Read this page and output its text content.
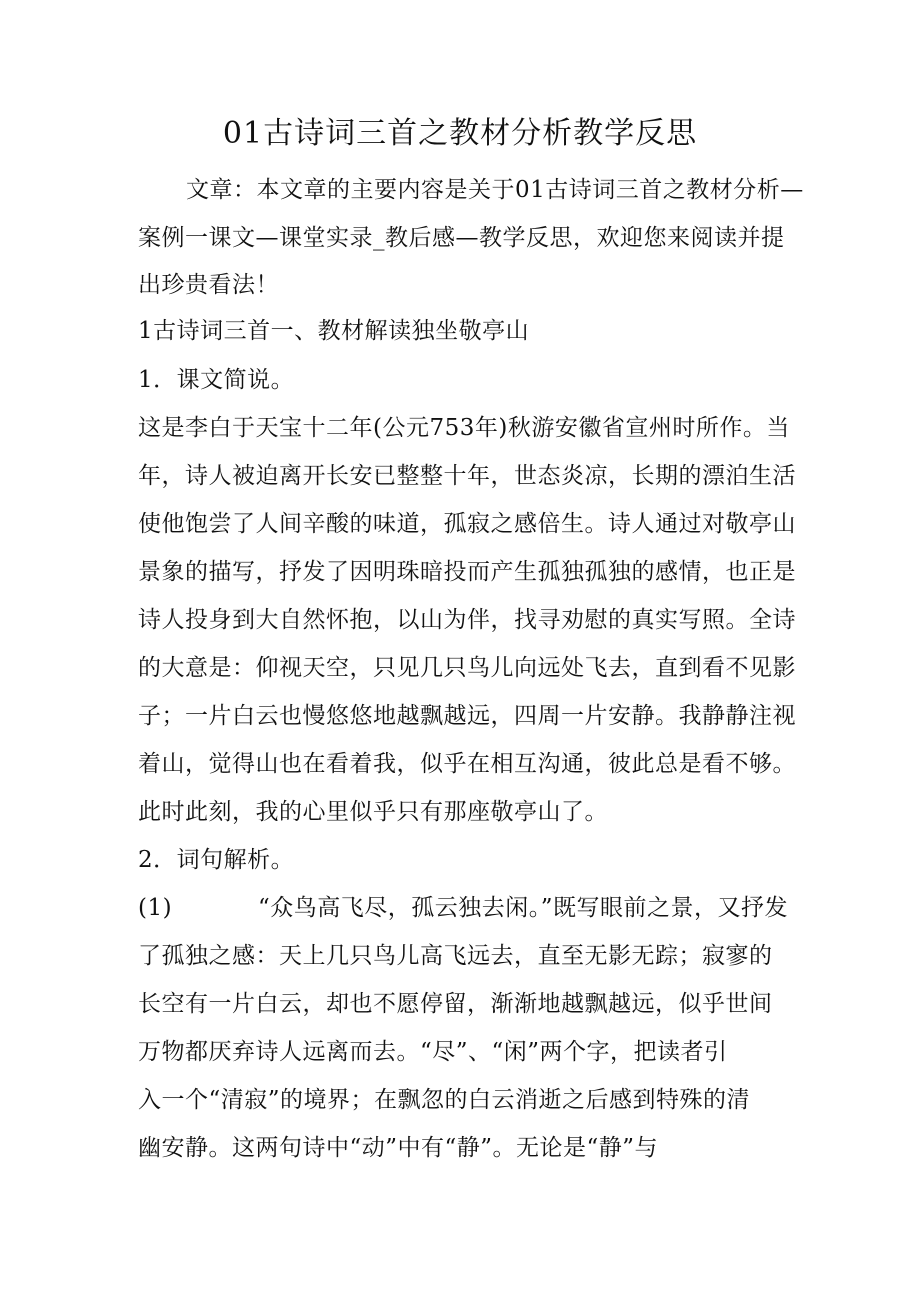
01古诗词三首之教材分析教学反思

文章：本文章的主要内容是关于01古诗词三首之教材分析—

案例一课文—课堂实录_教后感—教学反思，欢迎您来阅读并提

出珍贵看法！

1古诗词三首一、教材解读独坐敬亭山

1．课文简说。

这是李白于天宝十二年(公元753年)秋游安徽省宣州时所作。当

年，诗人被迫离开长安已整整十年，世态炎凉，长期的漂泊生活

使他饱尝了人间辛酸的味道，孤寂之感倍生。诗人通过对敬亭山

景象的描写，抒发了因明珠暗投而产生孤独孤独的感情，也正是

诗人投身到大自然怀抱，以山为伴，找寻劝慰的真实写照。全诗

的大意是：仰视天空，只见几只鸟儿向远处飞去，直到看不见影

子；一片白云也慢悠悠地越飘越远，四周一片安静。我静静注视

着山，觉得山也在看着我，似乎在相互沟通，彼此总是看不够。

此时此刻，我的心里似乎只有那座敬亭山了。

2．词句解析。

(1)	“众鸟高飞尽，孤云独去闲。”既写眼前之景，又抒发

了孤独之感：天上几只鸟儿高飞远去，直至无影无踪；寂寥的

长空有一片白云，却也不愿停留，渐渐地越飘越远，似乎世间

万物都厌弃诗人远离而去。“尽”、“闲”两个字，把读者引

入一个“清寂”的境界；在飘忽的白云消逝之后感到特殊的清

幽安静。这两句诗中“动”中有“静”。无论是“静”与
